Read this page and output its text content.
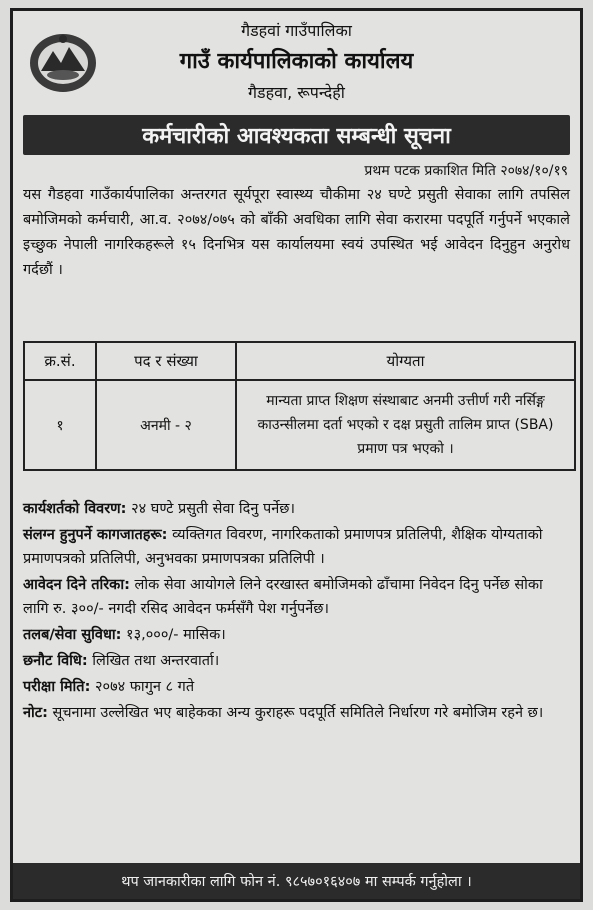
गैडहवां गाउँपालिका
गाउँ कार्यपालिकाको कार्यालय
गैडहवा, रूपन्देही
कर्मचारीको आवश्यकता सम्बन्धी सूचना
प्रथम पटक प्रकाशित मिति २०७४/१०/१९
यस गैडहवा गाउँकार्यपालिका अन्तरगत सूर्यपूरा स्वास्थ्य चौकीमा २४ घण्टे प्रसुती सेवाका लागि तपसिल बमोजिमको कर्मचारी, आ.व. २०७४/०७५ को बाँकी अवधिका लागि सेवा करारमा पदपूर्ति गर्नुपर्ने भएकाले इच्छुक नेपाली नागरिकहरूले १५ दिनभित्र यस कार्यालयमा स्वयं उपस्थित भई आवेदन दिनुहुन अनुरोध गर्दछौं ।
क्र.सं.	पद र संख्या	योग्यता
१	अनमी - २	मान्यता प्राप्त शिक्षण संस्थाबाट अनमी उत्तीर्ण गरी नर्सिङ्ग काउन्सीलमा दर्ता भएको र दक्ष प्रसुती तालिम प्राप्त (SBA) प्रमाण पत्र भएको ।
कार्यशर्तको विवरण: २४ घण्टे प्रसुती सेवा दिनु पर्नेछ।
संलग्न हुनुपर्ने कागजातहरू: व्यक्तिगत विवरण, नागरिकताको प्रमाणपत्र प्रतिलिपी, शैक्षिक योग्यताको प्रमाणपत्रको प्रतिलिपी, अनुभवका प्रमाणपत्रका प्रतिलिपी ।
आवेदन दिने तरिका: लोक सेवा आयोगले लिने दरखास्त बमोजिमको ढाँचामा निवेदन दिनु पर्नेछ सोका लागि रु. ३००/- नगदी रसिद आवेदन फर्मसँगै पेश गर्नुपर्नेछ।
तलब/सेवा सुविधा: १३,०००/- मासिक।
छनौट विधि: लिखित तथा अन्तरवार्ता।
परीक्षा मिति: २०७४ फागुन ८ गते
नोट: सूचनामा उल्लेखित भए बाहेकका अन्य कुराहरू पदपूर्ति समितिले निर्धारण गरे बमोजिम रहने छ।
थप जानकारीका लागि फोन नं. ९८५७०१६४०७ मा सम्पर्क गर्नुहोला ।
